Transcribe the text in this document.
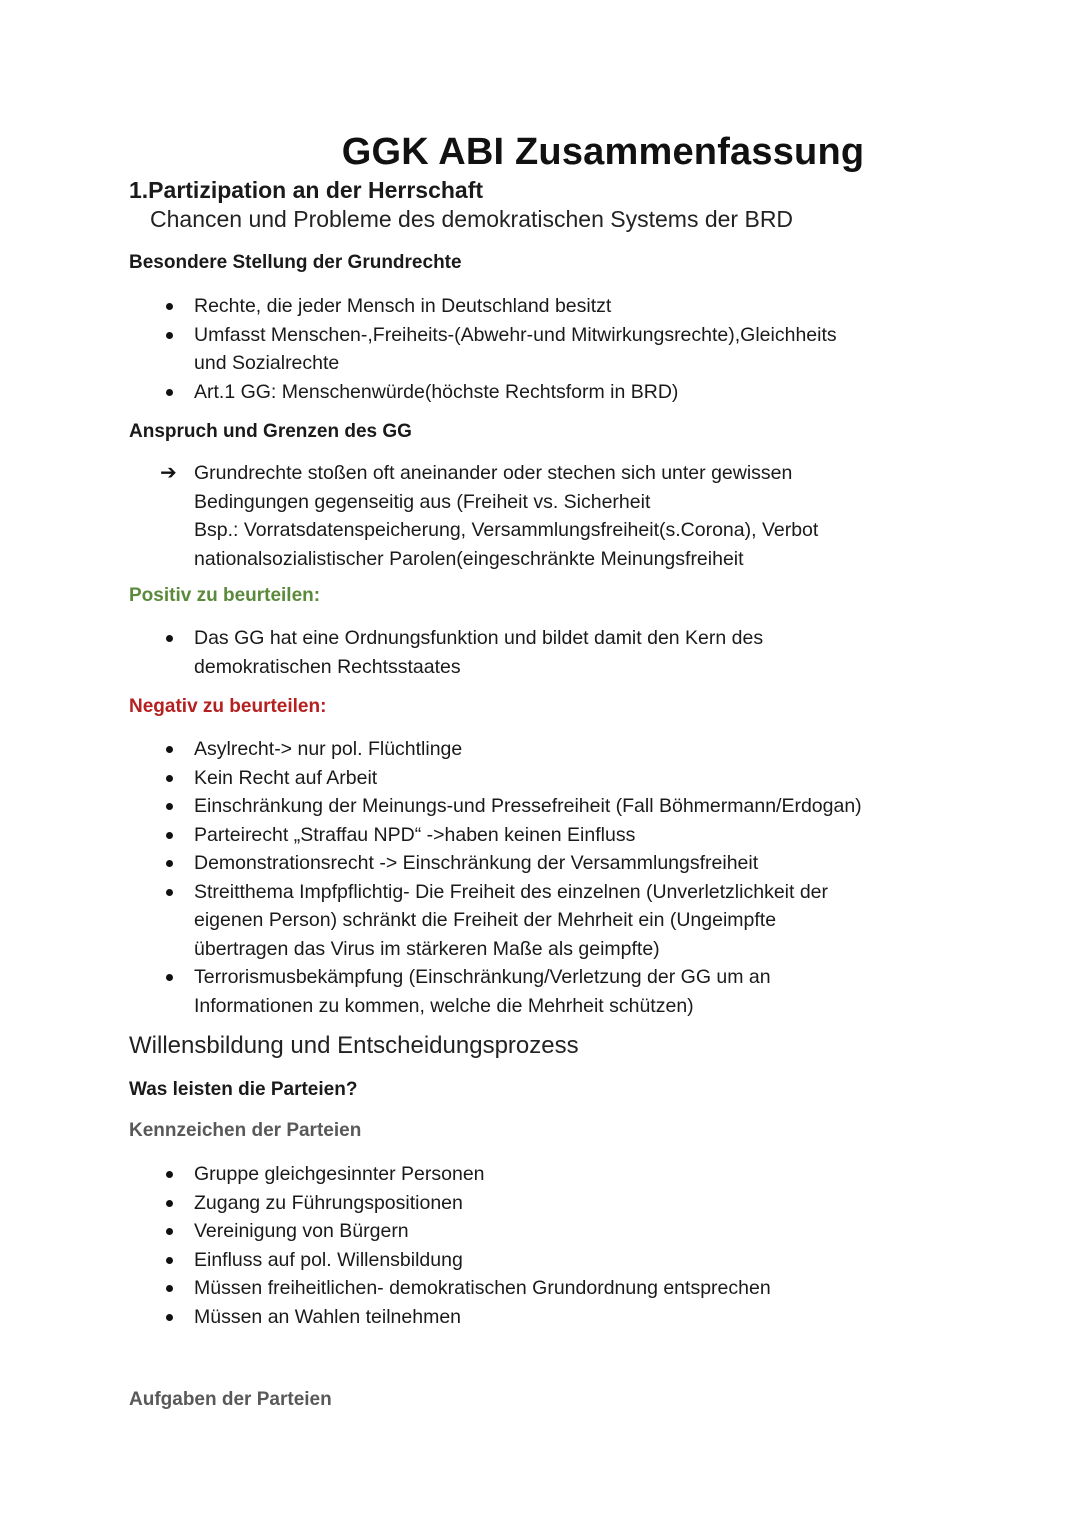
GGK ABI Zusammenfassung
1.Partizipation an der Herrschaft
Chancen und Probleme des demokratischen Systems der BRD
Besondere Stellung der Grundrechte
Rechte, die jeder Mensch in Deutschland besitzt
Umfasst Menschen-,Freiheits-(Abwehr-und Mitwirkungsrechte),Gleichheits
und Sozialrechte
Art.1 GG: Menschenwürde(höchste Rechtsform in BRD)
Anspruch und Grenzen des GG
➔ Grundrechte stoßen oft aneinander oder stechen sich unter gewissen
Bedingungen gegenseitig aus (Freiheit vs. Sicherheit
Bsp.: Vorratsdatenspeicherung, Versammlungsfreiheit(s.Corona), Verbot
nationalsozialistischer Parolen(eingeschränkte Meinungsfreiheit
Positiv zu beurteilen:
Das GG hat eine Ordnungsfunktion und bildet damit den Kern des
demokratischen Rechtsstaates
Negativ zu beurteilen:
Asylrecht-> nur pol. Flüchtlinge
Kein Recht auf Arbeit
Einschränkung der Meinungs-und Pressefreiheit (Fall Böhmermann/Erdogan)
Parteirecht „Straffau NPD“ ->haben keinen Einfluss
Demonstrationsrecht -> Einschränkung der Versammlungsfreiheit
Streitthema Impfpflichtig- Die Freiheit des einzelnen (Unverletzlichkeit der
eigenen Person) schränkt die Freiheit der Mehrheit ein (Ungeimpfte
übertragen das Virus im stärkeren Maße als geimpfte)
Terrorismusbekämpfung (Einschränkung/Verletzung der GG um an
Informationen zu kommen, welche die Mehrheit schützen)
Willensbildung und Entscheidungsprozess
Was leisten die Parteien?
Kennzeichen der Parteien
Gruppe gleichgesinnter Personen
Zugang zu Führungspositionen
Vereinigung von Bürgern
Einfluss auf pol. Willensbildung
Müssen freiheitlichen- demokratischen Grundordnung entsprechen
Müssen an Wahlen teilnehmen
Aufgaben der Parteien
